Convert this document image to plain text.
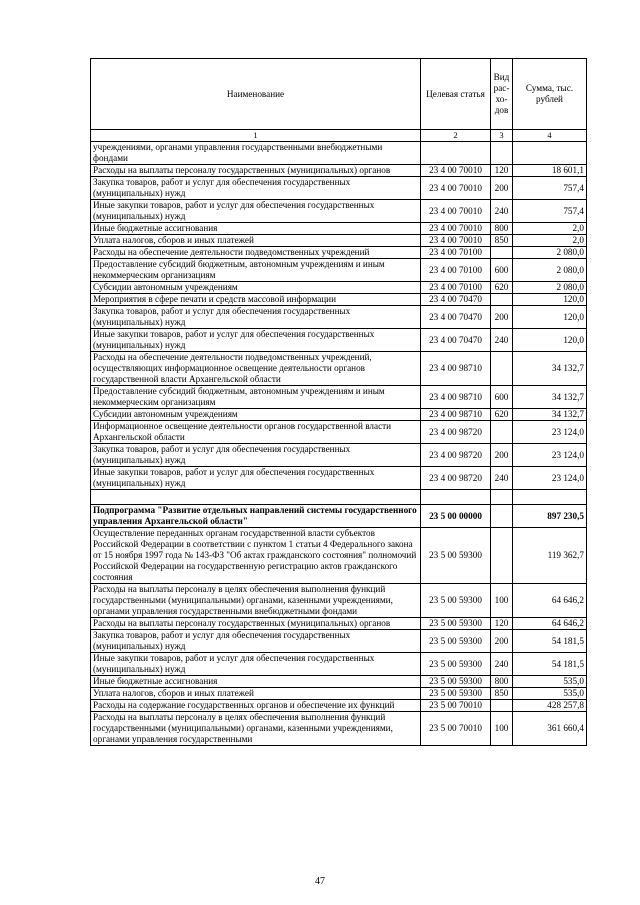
Наименование	Целевая статья	Вид рас-хо-дов	Сумма, тыс. рублей
1	2	3	4
учреждениями, органами управления государственными внебюджетными фондами			
Расходы на выплаты персоналу государственных (муниципальных) органов	23 4 00 70010	120	18 601,1
Закупка товаров, работ и услуг для обеспечения государственных (муниципальных) нужд	23 4 00 70010	200	757,4
Иные закупки товаров, работ и услуг для обеспечения государственных (муниципальных) нужд	23 4 00 70010	240	757,4
Иные бюджетные ассигнования	23 4 00 70010	800	2,0
Уплата налогов, сборов и иных платежей	23 4 00 70010	850	2,0
Расходы на обеспечение деятельности подведомственных учреждений	23 4 00 70100		2 080,0
Предоставление субсидий бюджетным, автономным учреждениям и иным некоммерческим организациям	23 4 00 70100	600	2 080,0
Субсидии автономным учреждениям	23 4 00 70100	620	2 080,0
Мероприятия в сфере печати и средств массовой информации	23 4 00 70470		120,0
Закупка товаров, работ и услуг для обеспечения государственных (муниципальных) нужд	23 4 00 70470	200	120,0
Иные закупки товаров, работ и услуг для обеспечения государственных (муниципальных) нужд	23 4 00 70470	240	120,0
Расходы на обеспечение деятельности подведомственных учреждений, осуществляющих информационное освещение деятельности органов государственной власти Архангельской области	23 4 00 98710		34 132,7
Предоставление субсидий бюджетным, автономным учреждениям и иным некоммерческим организациям	23 4 00 98710	600	34 132,7
Субсидии автономным учреждениям	23 4 00 98710	620	34 132,7
Информационное освещение деятельности органов государственной власти Архангельской области	23 4 00 98720		23 124,0
Закупка товаров, работ и услуг для обеспечения государственных (муниципальных) нужд	23 4 00 98720	200	23 124,0
Иные закупки товаров, работ и услуг для обеспечения государственных (муниципальных) нужд	23 4 00 98720	240	23 124,0

Подпрограмма "Развитие отдельных направлений системы государственного управления Архангельской области"	23 5 00 00000		897 230,5
Осуществление переданных органам государственной власти субъектов Российской Федерации в соответствии с пунктом 1 статьи 4 Федерального закона от 15 ноября 1997 года № 143-ФЗ "Об актах гражданского состояния" полномочий Российской Федерации на государственную регистрацию актов гражданского состояния	23 5 00 59300		119 362,7
Расходы на выплаты персоналу в целях обеспечения выполнения функций государственными (муниципальными) органами, казенными учреждениями, органами управления государственными внебюджетными фондами	23 5 00 59300	100	64 646,2
Расходы на выплаты персоналу государственных (муниципальных) органов	23 5 00 59300	120	64 646,2
Закупка товаров, работ и услуг для обеспечения государственных (муниципальных) нужд	23 5 00 59300	200	54 181,5
Иные закупки товаров, работ и услуг для обеспечения государственных (муниципальных) нужд	23 5 00 59300	240	54 181,5
Иные бюджетные ассигнования	23 5 00 59300	800	535,0
Уплата налогов, сборов и иных платежей	23 5 00 59300	850	535,0
Расходы на содержание государственных органов и обеспечение их функций	23 5 00 70010		428 257,8
Расходы на выплаты персоналу в целях обеспечения выполнения функций государственными (муниципальными) органами, казенными учреждениями, органами управления государственными	23 5 00 70010	100	361 660,4
47
